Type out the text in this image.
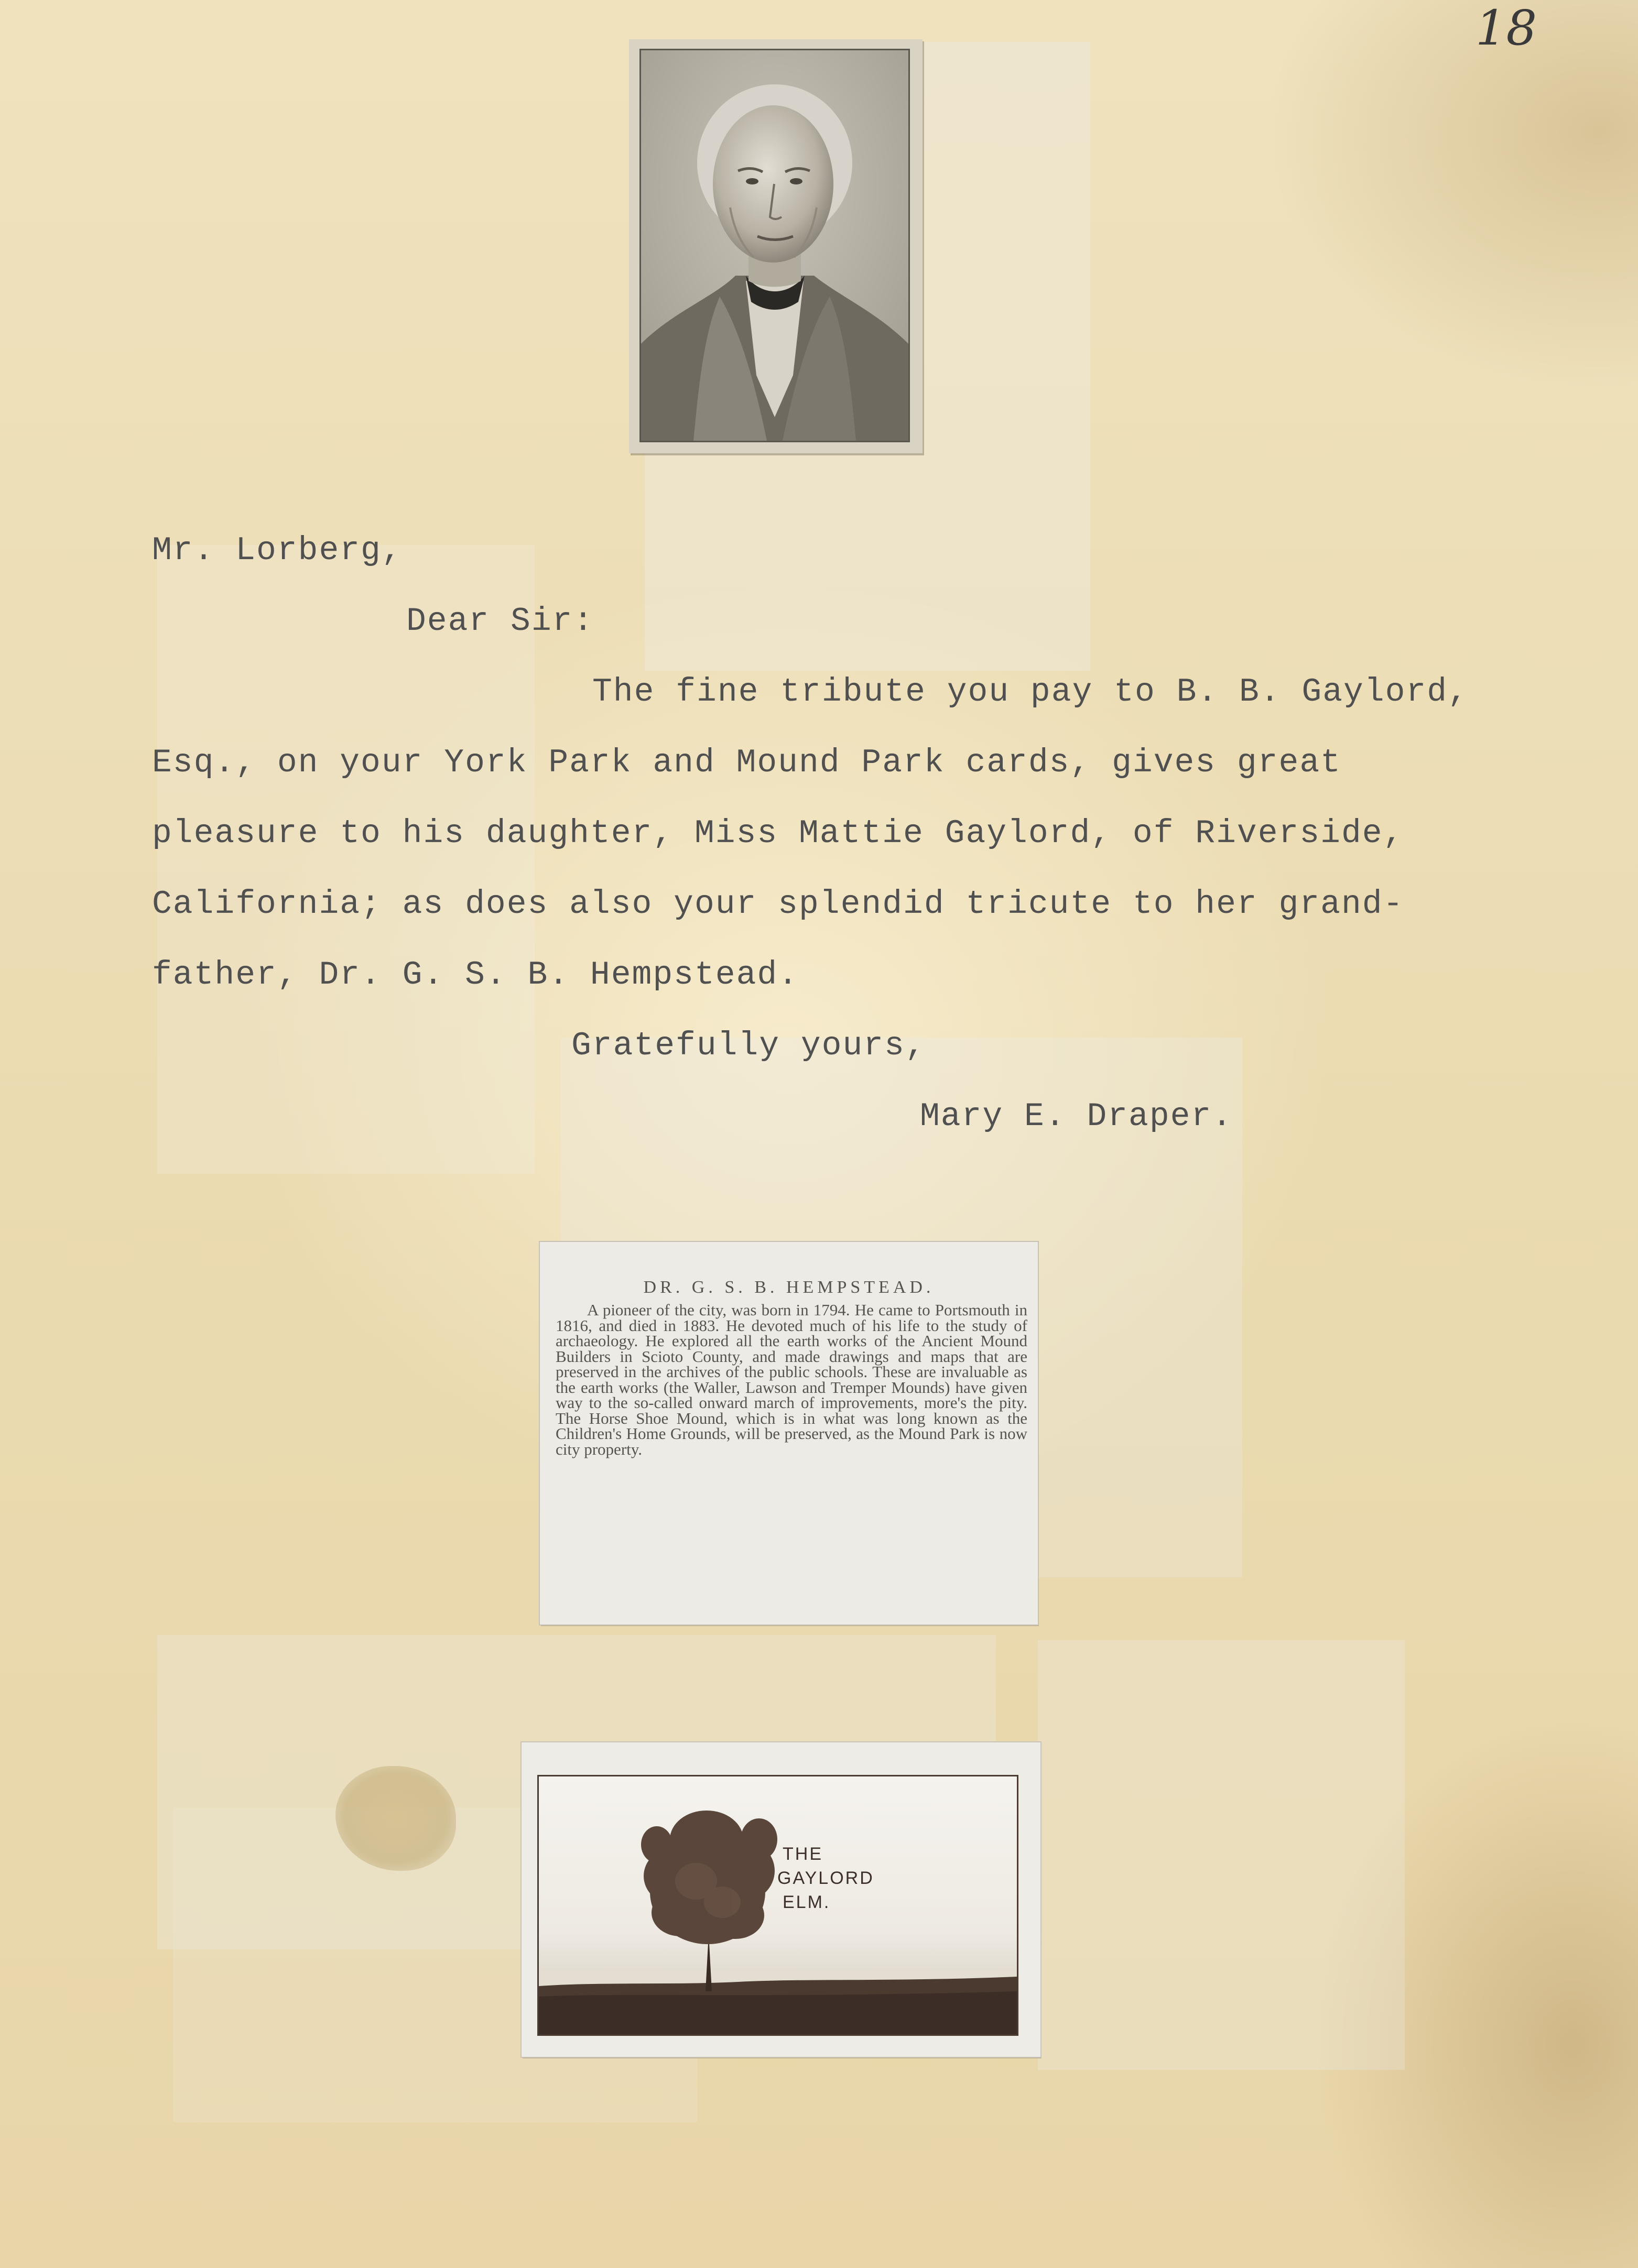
18

Mr. Lorberg,

Dear Sir:

The fine tribute you pay to B. B. Gaylord,

Esq., on your York Park and Mound Park cards, gives great

pleasure to his daughter, Miss Mattie Gaylord, of Riverside,

California; as does also your splendid tricute to her grand-

father, Dr. G. S. B. Hempstead.

Gratefully yours,

Mary E. Draper.

DR. G. S. B. HEMPSTEAD.
A pioneer of the city, was born in 1794. He came to Portsmouth in 1816, and died in 1883. He devoted much of his life to the study of archaeology. He explored all the earth works of the Ancient Mound Builders in Scioto County, and made drawings and maps that are preserved in the archives of the public schools. These are invaluable as the earth works (the Waller, Lawson and Tremper Mounds) have given way to the so-called onward march of improvements, more's the pity. The Horse Shoe Mound, which is in what was long known as the Children's Home Grounds, will be preserved, as the Mound Park is now city property.
THE
GAYLORD
ELM.
